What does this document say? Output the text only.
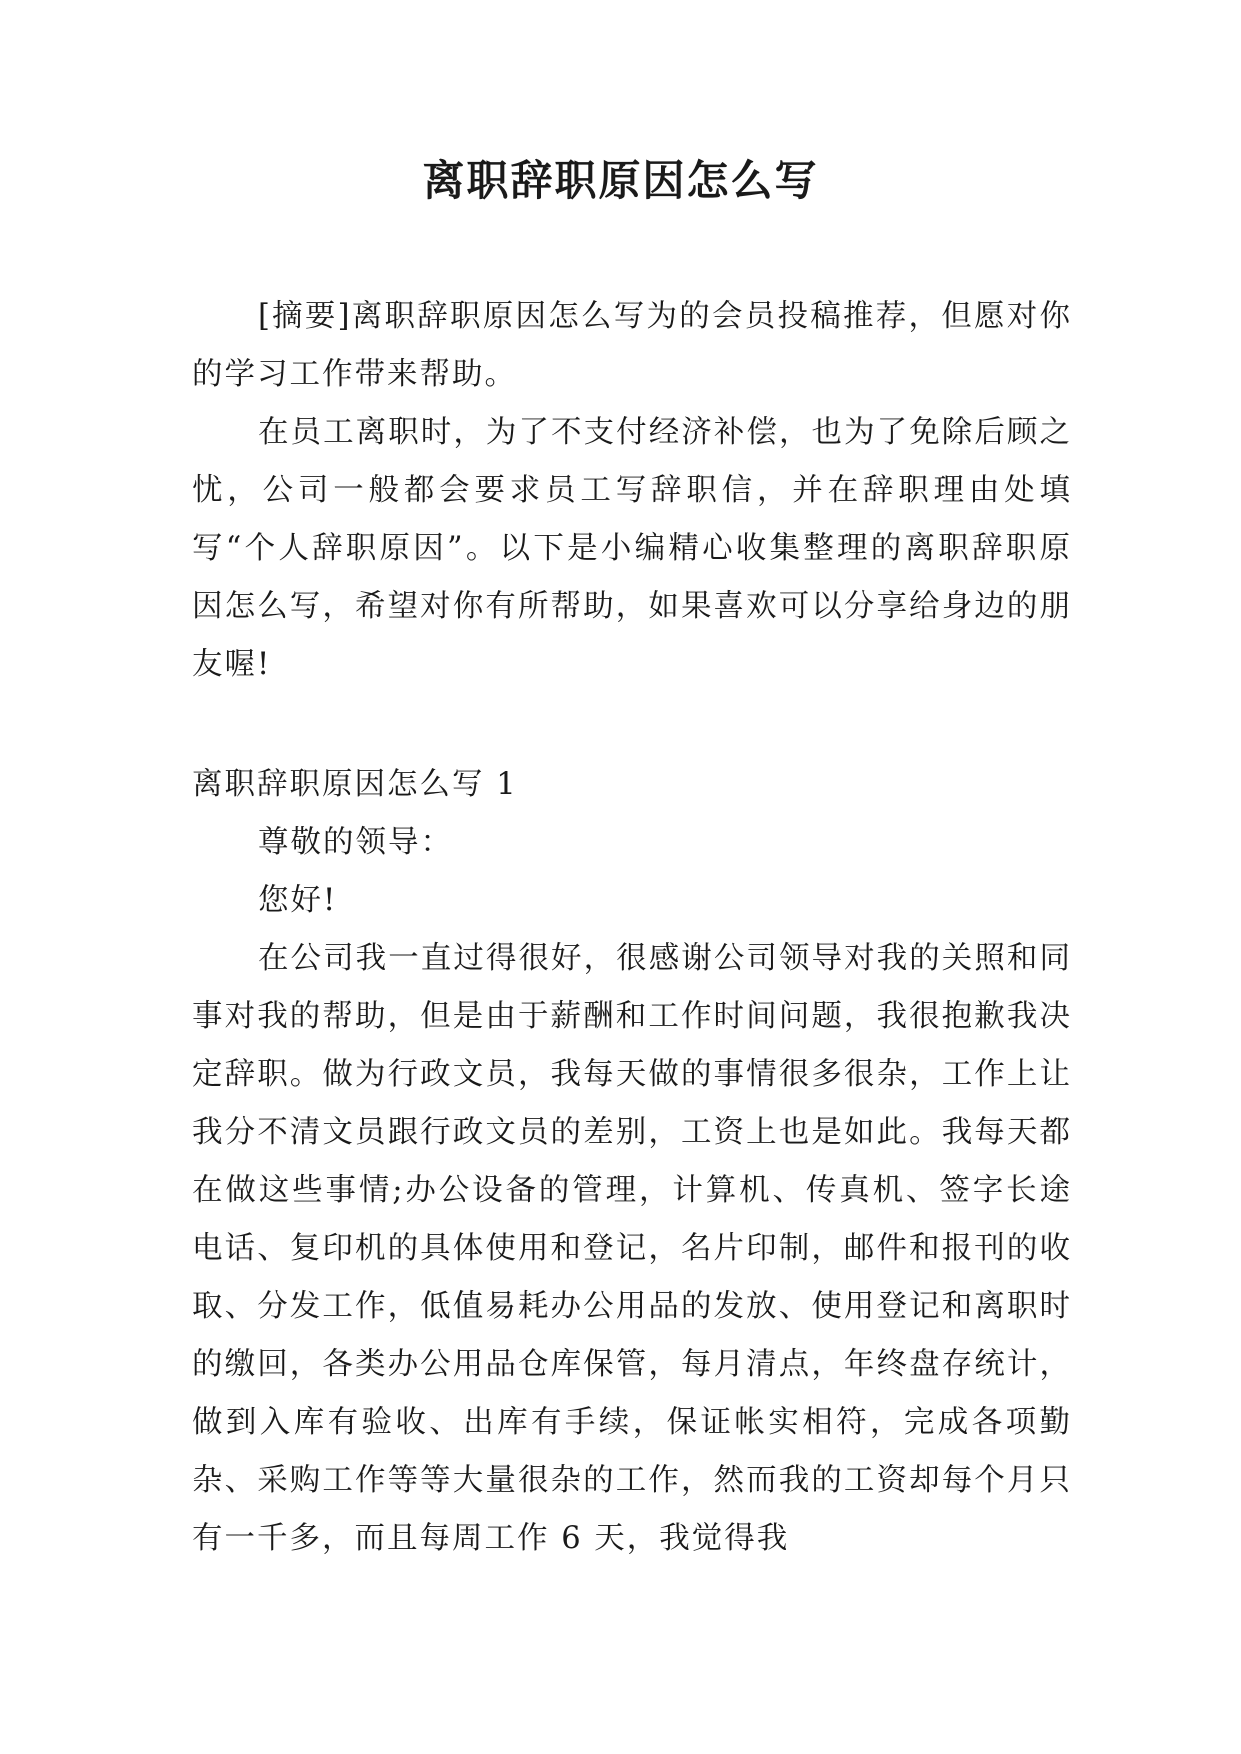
离职辞职原因怎么写

[摘要]离职辞职原因怎么写为的会员投稿推荐，但愿对你的学习工作带来帮助。

在员工离职时，为了不支付经济补偿，也为了免除后顾之忧，公司一般都会要求员工写辞职信，并在辞职理由处填写“个人辞职原因”。以下是小编精心收集整理的离职辞职原因怎么写，希望对你有所帮助，如果喜欢可以分享给身边的朋友喔!

离职辞职原因怎么写 1

尊敬的领导：

您好!

在公司我一直过得很好，很感谢公司领导对我的关照和同事对我的帮助，但是由于薪酬和工作时间问题，我很抱歉我决定辞职。做为行政文员，我每天做的事情很多很杂，工作上让我分不清文员跟行政文员的差别，工资上也是如此。我每天都在做这些事情;办公设备的管理，计算机、传真机、签字长途电话、复印机的具体使用和登记，名片印制，邮件和报刊的收取、分发工作，低值易耗办公用品的发放、使用登记和离职时的缴回，各类办公用品仓库保管，每月清点，年终盘存统计，做到入库有验收、出库有手续，保证帐实相符，完成各项勤杂、采购工作等等大量很杂的工作，然而我的工资却每个月只有一千多，而且每周工作 6 天，我觉得我
